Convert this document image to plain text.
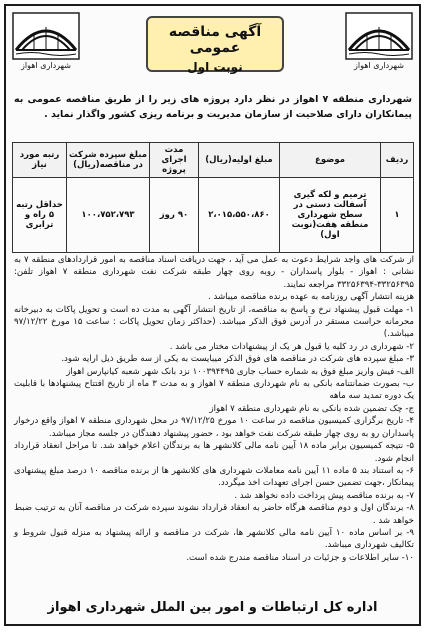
شهرداری اهواز
آگهی مناقصه عمومی
نوبت اول	شهرداری اهواز
شهرداری منطقه ۷ اهواز در نظر دارد پروژه های زیر را از طریق مناقصه عمومی به پیمانکاران دارای صلاحیت از سازمان مدیریت و برنامه ریزی کشور واگذار نماید .
ردیف	موضوع	مبلغ اولیه(ریال)	مدت اجرای پروژه	مبلغ سپرده شرکت در مناقصه(ریال)	رتبه مورد نیاز
۱	ترمیم و لکه گیری آسفالت دستی در سطح شهرداری منطقه هفت(نوبت اول)	۲،۰۱۵،۵۵۰،۸۶۰	۹۰ روز	۱۰۰،۷۵۲،۷۹۳	حداقل رتبه ۵ راه و ترابری

از شرکت های واجد شرایط دعوت به عمل می آید ، جهت دریافت اسناد مناقصه به امور قراردادهای منطقه ۷ به نشانی : اهواز - بلوار پاسداران - روبه روی چهار طبقه شرکت نفت شهرداری منطقه ۷ اهواز تلفن: ۳۳۲۵۶۳۹۵-۳۳۲۵۶۳۹۴ مراجعه نمایند.

هزینه انتشار آگهی روزنامه به عهده برنده مناقصه میباشد .

۱- مهلت قبول پیشنهاد نرخ و پاسخ به مناقصه، از تاریخ انتشار آگهی به مدت ده است و تحویل پاکات به دبیرخانه محرمانه حراست مستقر در آدرس فوق الذکر میباشد. (حداکثر زمان تحویل پاکات : ساعت ۱۵ مورخ ۹۷/۱۲/۲۲ میباشد.)

۲- شهرداری در رد کلیه یا قبول هر یک از پیشنهادات مختار می باشد .

۳- مبلغ سپرده های شرکت در مناقصه های فوق الذکر میبایست به یکی از سه طریق ذیل ارایه شود.

الف- فیش واریز مبلغ فوق به شماره حساب جاری ۱۰۰۳۹۴۴۹۵ نزد بانک شهر شعبه کیانپارس اهواز

ب- بصورت ضمانتنامه بانکی به نام شهرداری منطقه ۷ اهواز و به مدت ۳ ماه از تاریخ افتتاح پیشنهادها با قابلیت یک دوره تمدید سه ماهه

ج- چک تضمین شده بانکی به نام شهرداری منطقه ۷ اهواز

۴- تاریخ برگزاری کمیسیون مناقصه در ساعت ۱۰ مورخ ۹۷/۱۲/۲۵ در محل شهرداری منطقه ۷ اهواز واقع درخوار پاسداران رو به روی چهار طبقه شرکت نفت خواهد بود ، حضور پیشنهاد دهندگان در جلسه مجاز میباشد.

۵- نتیجه کمیسیون برابر ماده ۱۸ آیین نامه مالی کلانشهر ها به برندگان اعلام خواهد شد. تا مراحل انعقاد قرارداد انجام شود.

۶- به استناد بند ۵ ماده ۱۱ آیین نامه معاملات شهرداری های کلانشهر ها از برنده مناقصه ۱۰ درصد مبلغ پیشنهادی پیمانکار ،جهت تضمین حسن اجرای تعهدات اخذ میگردد.

۷- به برنده مناقصه پیش پرداخت داده نخواهد شد .

۸- برندگان اول و دوم مناقصه هرگاه حاضر به انعقاد قرارداد نشوند سپرده شرکت در مناقصه آنان به ترتیب ضبط خواهد شد .

۹- بر اساس ماده ۱۰ آیین نامه مالی کلانشهر ها، شرکت در مناقصه و ارائه پیشنهاد به منزله قبول شروط و تکالیف شهرداری میباشد.

۱۰- سایر اطلاعات و جزئیات در اسناد مناقصه مندرج شده است.

اداره کل ارتباطات و امور بین الملل شهرداری اهواز
